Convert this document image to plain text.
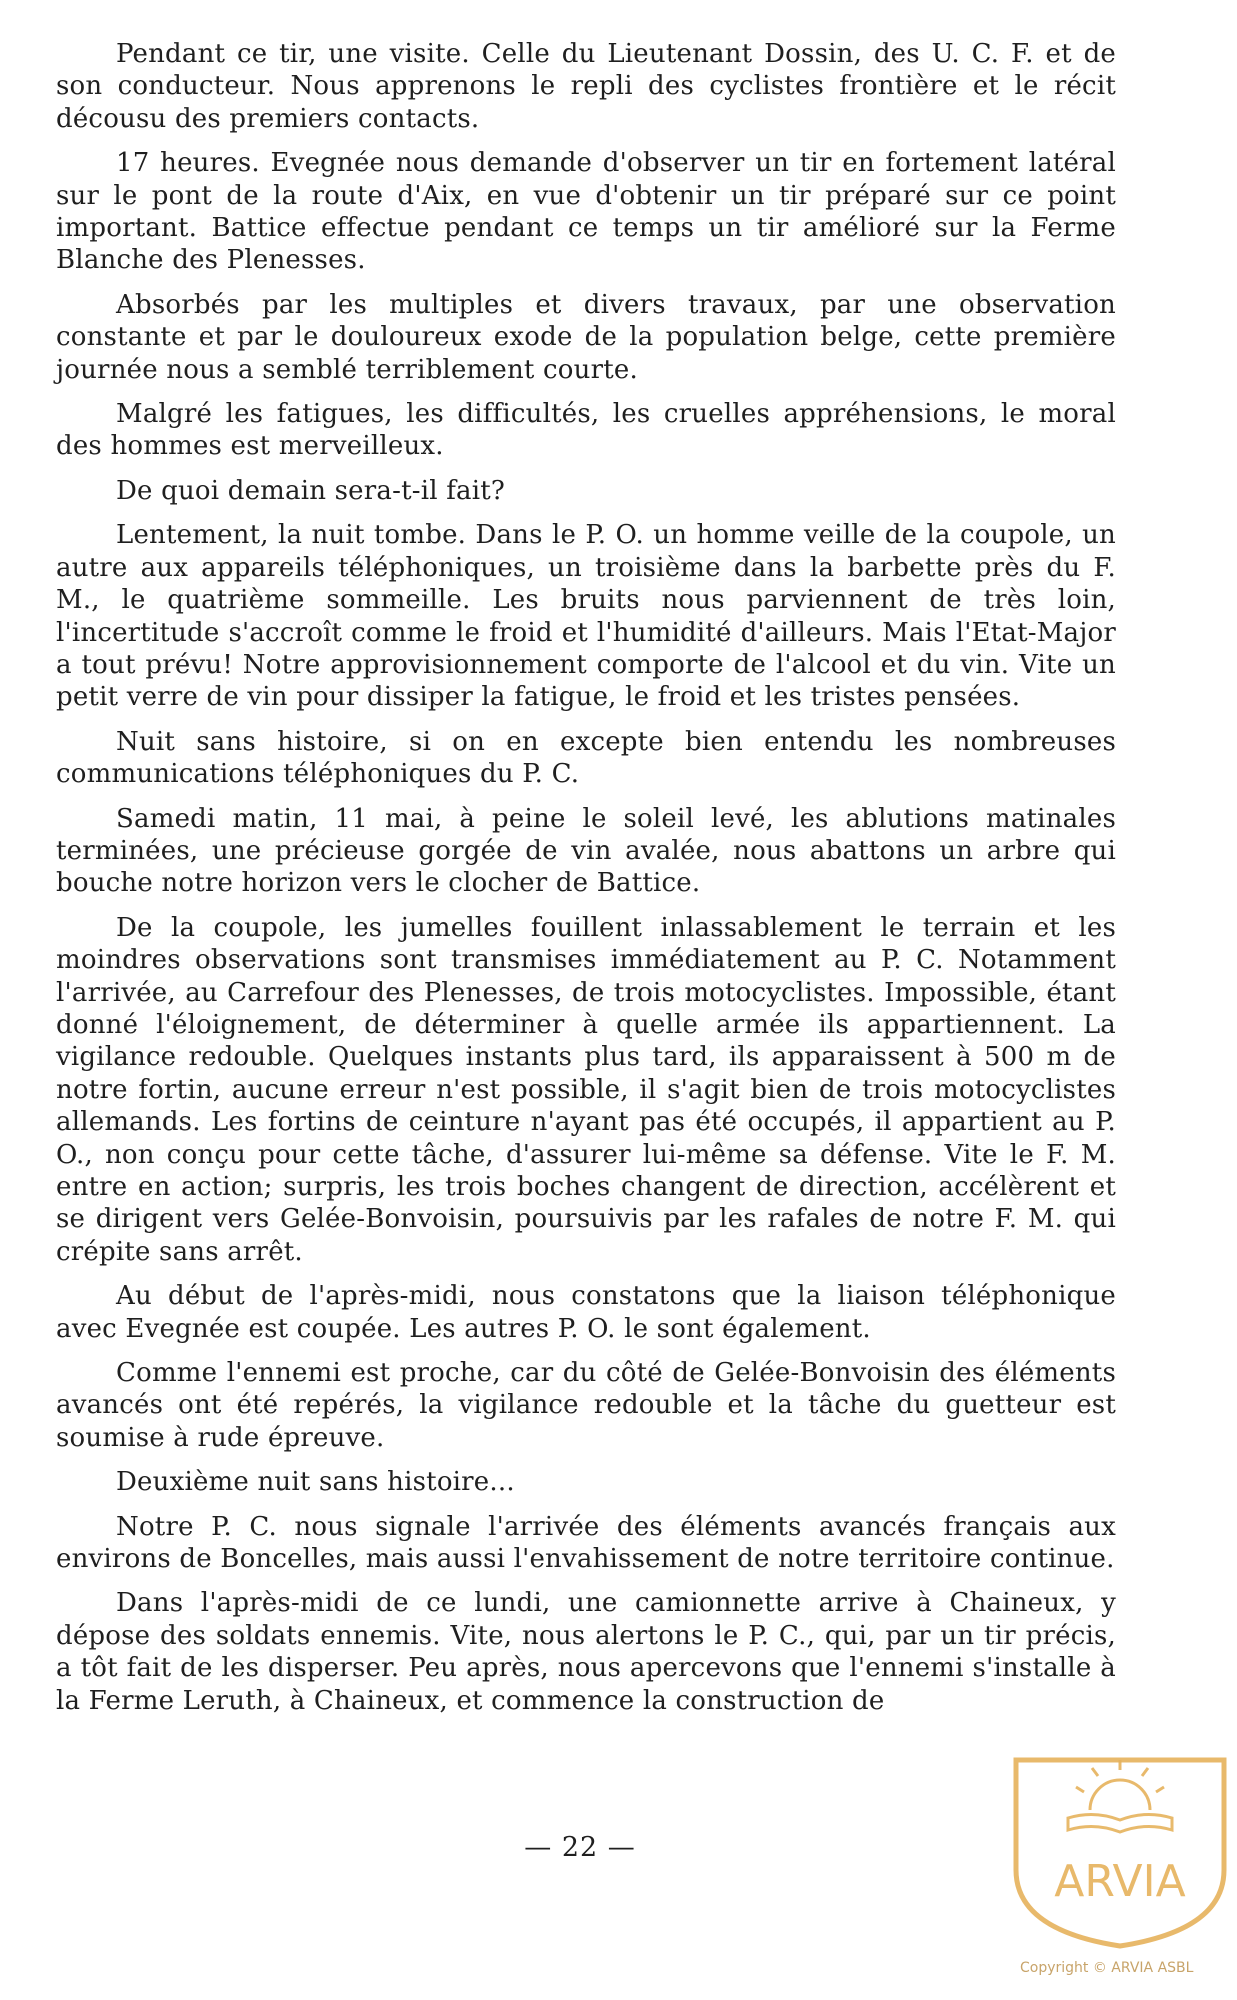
Pendant ce tir, une visite. Celle du Lieutenant Dossin, des U. C. F. et de son conducteur. Nous apprenons le repli des cyclistes frontière et le récit décousu des premiers contacts.

17 heures. Evegnée nous demande d'observer un tir en fortement latéral sur le pont de la route d'Aix, en vue d'obtenir un tir préparé sur ce point important. Battice effectue pendant ce temps un tir amélioré sur la Ferme Blanche des Plenesses.

Absorbés par les multiples et divers travaux, par une observation constante et par le douloureux exode de la population belge, cette première journée nous a semblé terriblement courte.

Malgré les fatigues, les difficultés, les cruelles appréhensions, le moral des hommes est merveilleux.

De quoi demain sera-t-il fait?

Lentement, la nuit tombe. Dans le P. O. un homme veille de la coupole, un autre aux appareils téléphoniques, un troisième dans la barbette près du F. M., le quatrième sommeille. Les bruits nous parviennent de très loin, l'incertitude s'accroît comme le froid et l'humidité d'ailleurs. Mais l'Etat-Major a tout prévu! Notre approvisionnement comporte de l'alcool et du vin. Vite un petit verre de vin pour dissiper la fatigue, le froid et les tristes pensées.

Nuit sans histoire, si on en excepte bien entendu les nombreuses communications téléphoniques du P. C.

Samedi matin, 11 mai, à peine le soleil levé, les ablutions matinales terminées, une précieuse gorgée de vin avalée, nous abattons un arbre qui bouche notre horizon vers le clocher de Battice.

De la coupole, les jumelles fouillent inlassablement le terrain et les moindres observations sont transmises immédiatement au P. C. Notamment l'arrivée, au Carrefour des Plenesses, de trois motocyclistes. Impossible, étant donné l'éloignement, de déterminer à quelle armée ils appartiennent. La vigilance redouble. Quelques instants plus tard, ils apparaissent à 500 m de notre fortin, aucune erreur n'est possible, il s'agit bien de trois motocyclistes allemands. Les fortins de ceinture n'ayant pas été occupés, il appartient au P. O., non conçu pour cette tâche, d'assurer lui-même sa défense. Vite le F. M. entre en action; surpris, les trois boches changent de direction, accélèrent et se dirigent vers Gelée-Bonvoisin, poursuivis par les rafales de notre F. M. qui crépite sans arrêt.

Au début de l'après-midi, nous constatons que la liaison téléphonique avec Evegnée est coupée. Les autres P. O. le sont également.

Comme l'ennemi est proche, car du côté de Gelée-Bonvoisin des éléments avancés ont été repérés, la vigilance redouble et la tâche du guetteur est soumise à rude épreuve.

Deuxième nuit sans histoire...

Notre P. C. nous signale l'arrivée des éléments avancés français aux environs de Boncelles, mais aussi l'envahissement de notre territoire continue.

Dans l'après-midi de ce lundi, une camionnette arrive à Chaineux, y dépose des soldats ennemis. Vite, nous alertons le P. C., qui, par un tir précis, a tôt fait de les disperser. Peu après, nous apercevons que l'ennemi s'installe à la Ferme Leruth, à Chaineux, et commence la construction de

— 22 —
ARVIA
Copyright © ARVIA ASBL
